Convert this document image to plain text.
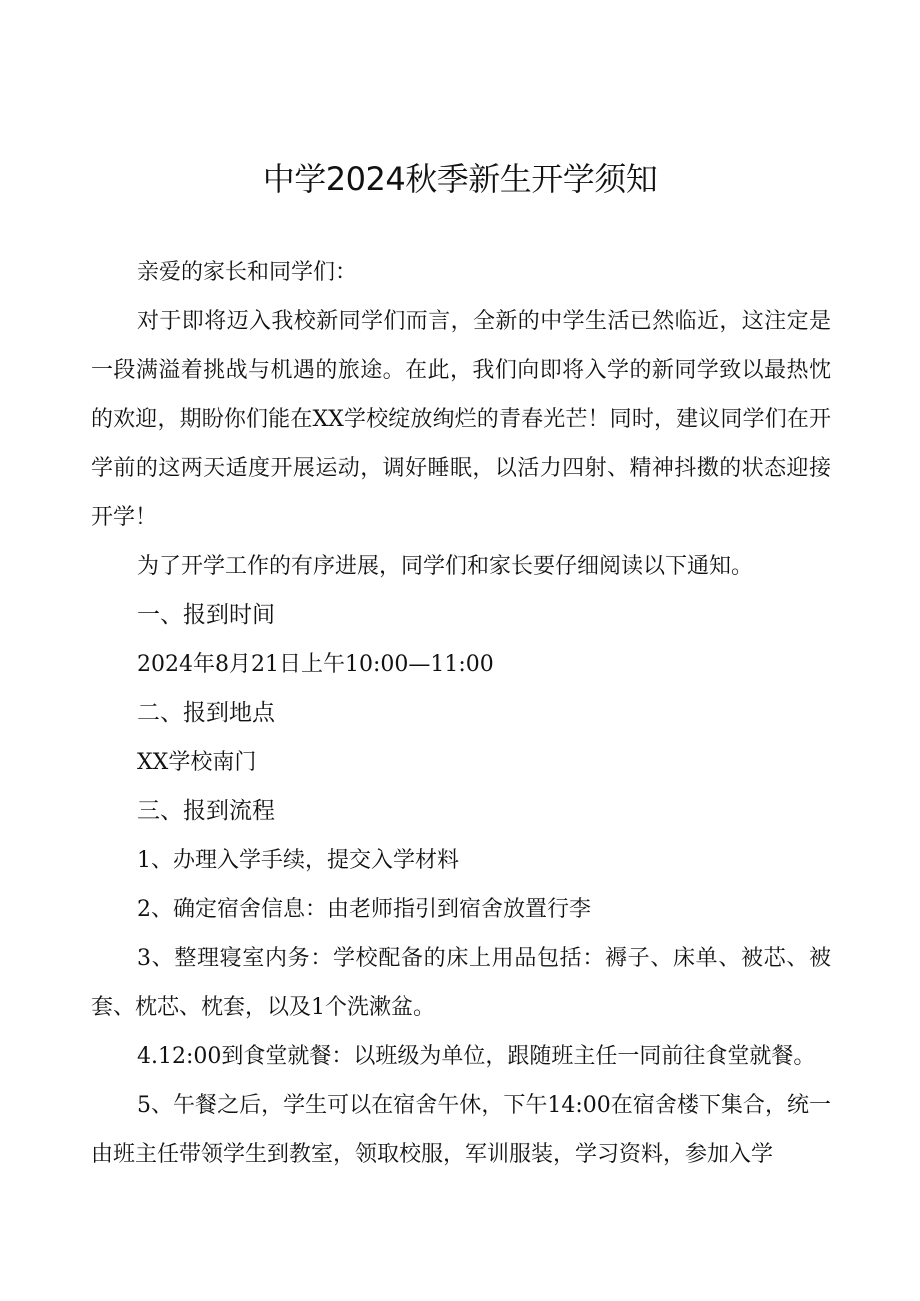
中学2024秋季新生开学须知

亲爱的家长和同学们：

对于即将迈入我校新同学们而言，全新的中学生活已然临近，这注定是一段满溢着挑战与机遇的旅途。在此，我们向即将入学的新同学致以最热忱的欢迎，期盼你们能在XX学校绽放绚烂的青春光芒！同时，建议同学们在开学前的这两天适度开展运动，调好睡眠，以活力四射、精神抖擞的状态迎接开学！

为了开学工作的有序进展，同学们和家长要仔细阅读以下通知。

一、报到时间

2024年8月21日上午10:00—11:00

二、报到地点

XX学校南门

三、报到流程

1、办理入学手续，提交入学材料

2、确定宿舍信息：由老师指引到宿舍放置行李

3、整理寝室内务：学校配备的床上用品包括：褥子、床单、被芯、被套、枕芯、枕套，以及1个洗漱盆。

4.12:00到食堂就餐：以班级为单位，跟随班主任一同前往食堂就餐。

5、午餐之后，学生可以在宿舍午休，下午14:00在宿舍楼下集合，统一由班主任带领学生到教室，领取校服，军训服装，学习资料，参加入学
